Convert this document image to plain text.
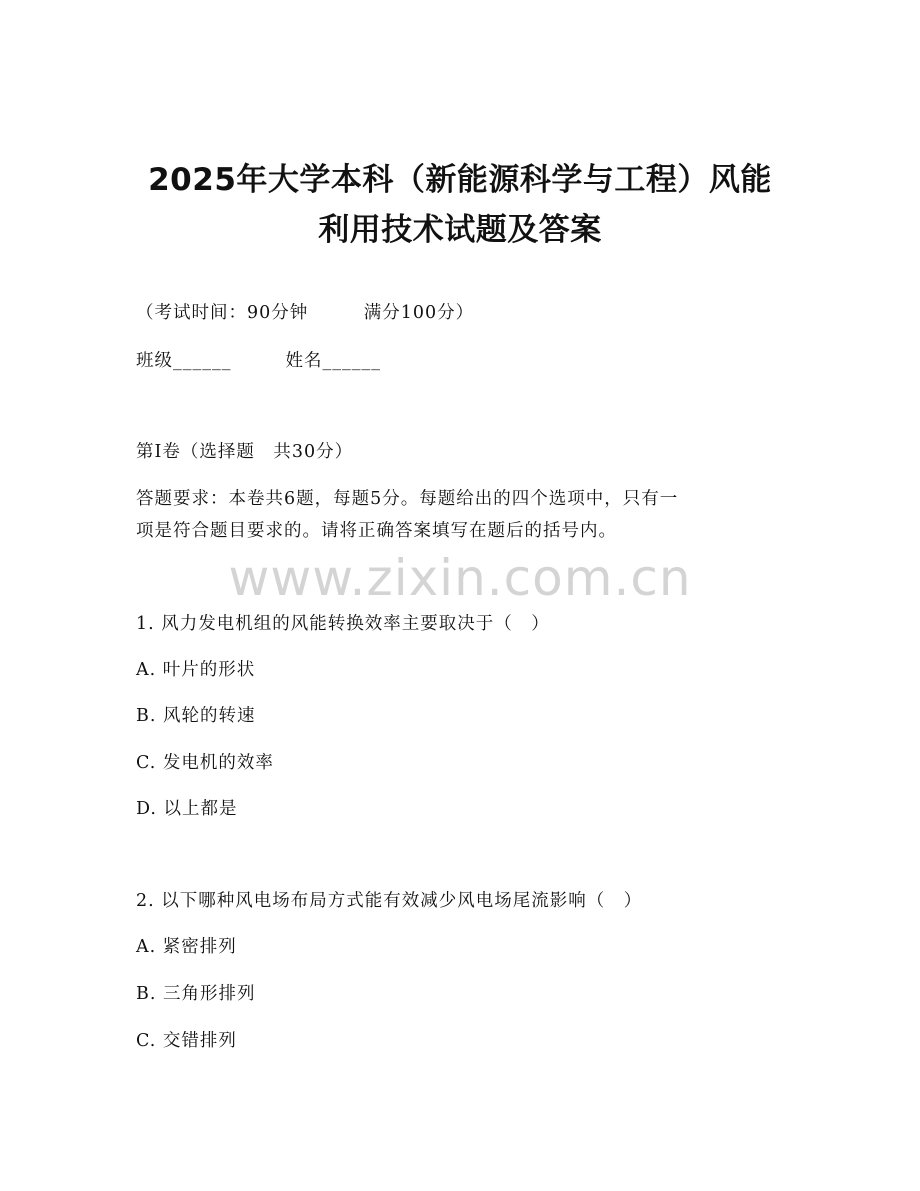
2025年大学本科（新能源科学与工程）风能
利用技术试题及答案
（考试时间：90分钟　　　满分100分）
班级______	姓名______
第I卷（选择题　共30分）
答题要求：本卷共6题，每题5分。每题给出的四个选项中，只有一
项是符合题目要求的。请将正确答案填写在题后的括号内。
www.zixin.com.cn
1. 风力发电机组的风能转换效率主要取决于（　）
A. 叶片的形状
B. 风轮的转速
C. 发电机的效率
D. 以上都是
2. 以下哪种风电场布局方式能有效减少风电场尾流影响（　）
A. 紧密排列
B. 三角形排列
C. 交错排列
